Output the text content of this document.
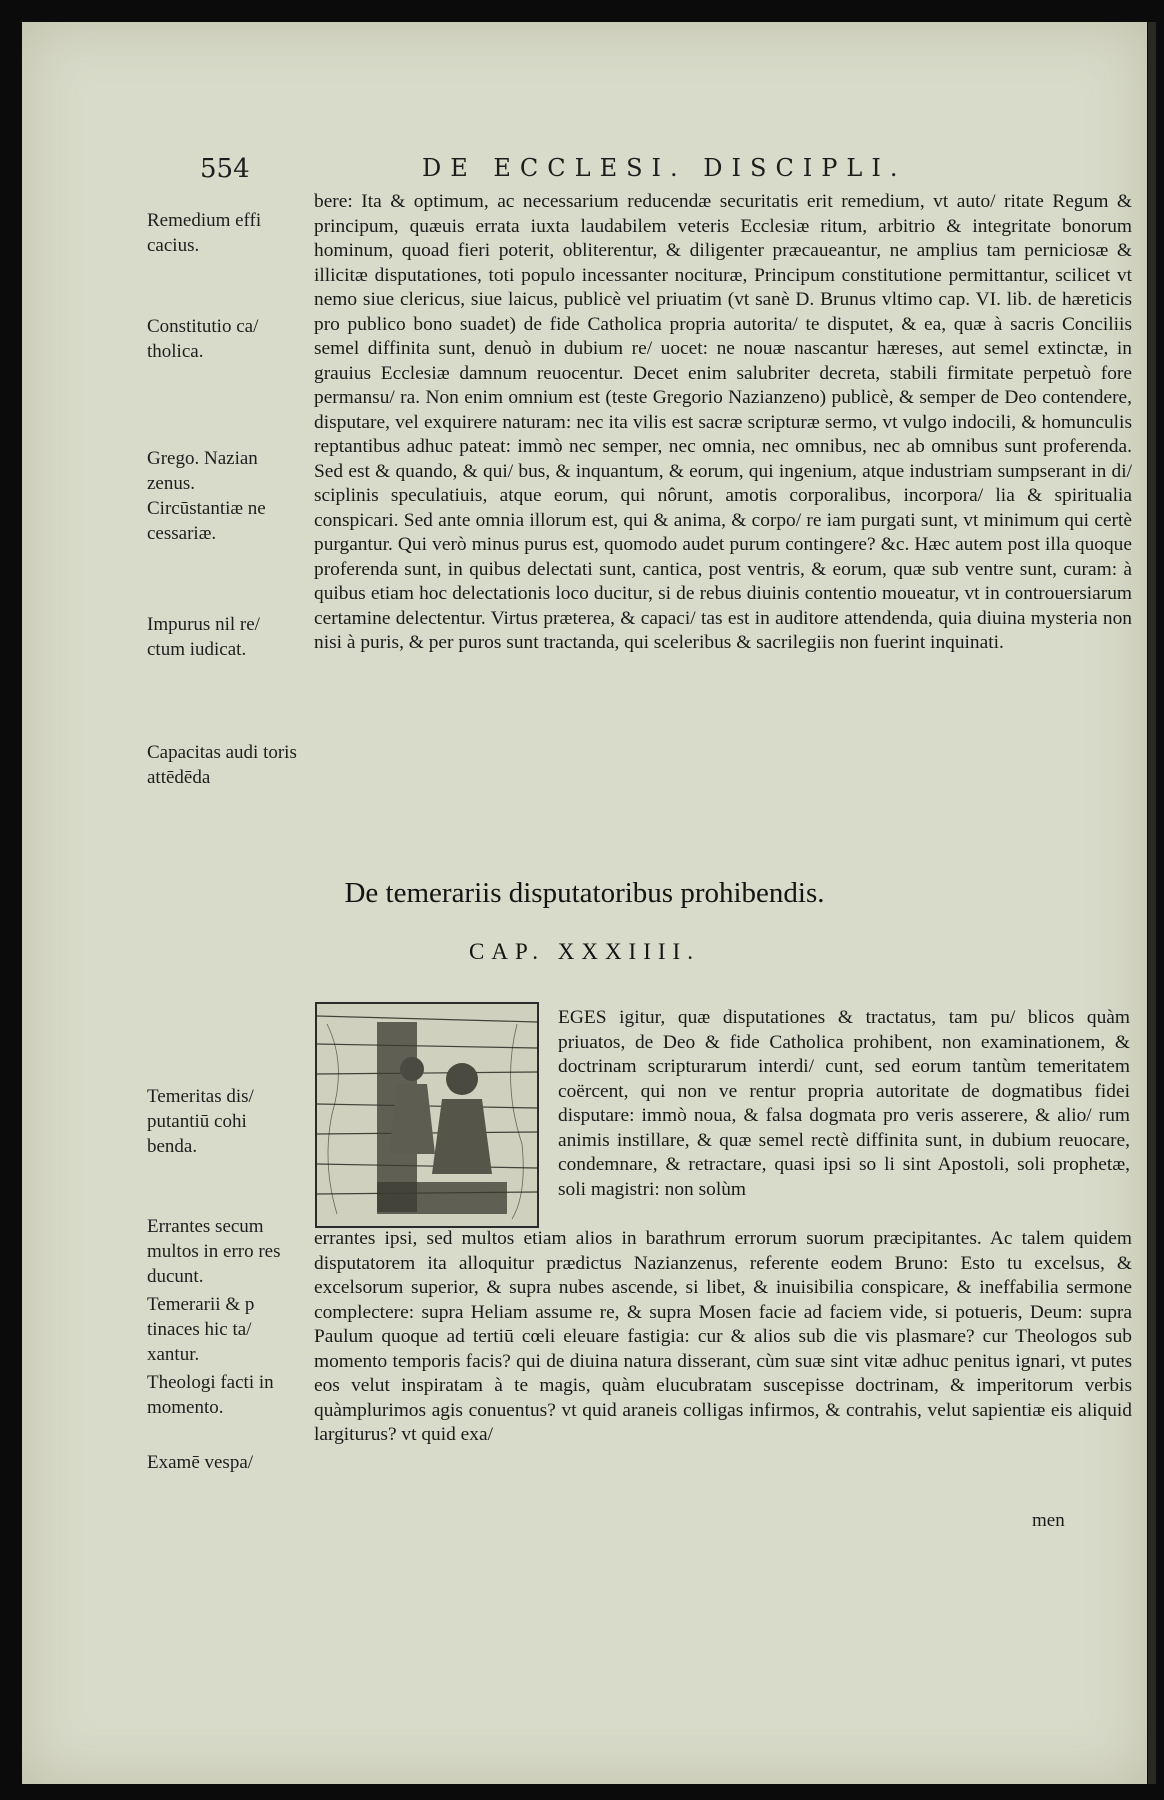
554	DE ECCLESI. DISCIPLI.
Remedium effi cacius.
Constitutio ca/ tholica.
Grego. Nazian zenus.
Circūstantiæ ne cessariæ.
Impurus nil re/ ctum iudicat.
Capacitas audi toris attēdēda
Temeritas dis/ putantiū cohi benda.
Errantes secum multos in erro res ducunt.
Temerarii & p tinaces hic ta/ xantur.
Theologi facti in momento.
Examē vespa/
bere: Ita & optimum, ac necessarium reducendæ securitatis erit remedium, vt auto/ ritate Regum & principum, quæuis errata iuxta laudabilem veteris Ecclesiæ ritum, arbitrio & integritate bonorum hominum, quoad fieri poterit, obliterentur, & diligenter præcaueantur, ne amplius tam perniciosæ & illicitæ disputationes, toti populo incessanter nocituræ, Principum constitutione permittantur, scilicet vt nemo siue clericus, siue laicus, publicè vel priuatim (vt sanè D. Brunus vltimo cap. VI. lib. de hæreticis pro publico bono suadet) de fide Catholica propria autorita/ te disputet, & ea, quæ à sacris Conciliis semel diffinita sunt, denuò in dubium re/ uocet: ne nouæ nascantur hæreses, aut semel extinctæ, in grauius Ecclesiæ damnum reuocentur. Decet enim salubriter decreta, stabili firmitate perpetuò fore permansu/ ra. Non enim omnium est (teste Gregorio Nazianzeno) publicè, & semper de Deo contendere, disputare, vel exquirere naturam: nec ita vilis est sacræ scripturæ sermo, vt vulgo indocili, & homunculis reptantibus adhuc pateat: immò nec semper, nec omnia, nec omnibus, nec ab omnibus sunt proferenda. Sed est & quando, & qui/ bus, & inquantum, & eorum, qui ingenium, atque industriam sumpserant in di/ sciplinis speculatiuis, atque eorum, qui nôrunt, amotis corporalibus, incorpora/ lia & spiritualia conspicari. Sed ante omnia illorum est, qui & anima, & corpo/ re iam purgati sunt, vt minimum qui certè purgantur. Qui verò minus purus est, quomodo audet purum contingere? &c. Hæc autem post illa quoque proferenda sunt, in quibus delectati sunt, cantica, post ventris, & eorum, quæ sub ventre sunt, curam: à quibus etiam hoc delectationis loco ducitur, si de rebus diuinis contentio moueatur, vt in controuersiarum certamine delectentur. Virtus præterea, & capaci/ tas est in auditore attendenda, quia diuina mysteria non nisi à puris, & per puros sunt tractanda, qui sceleribus & sacrilegiis non fuerint inquinati.
De temerariis disputatoribus prohibendis.
CAP. XXXIIII.
EGES igitur, quæ disputationes & tractatus, tam pu/ blicos quàm priuatos, de Deo & fide Catholica prohibent, non examinationem, & doctrinam scripturarum interdi/ cunt, sed eorum tantùm temeritatem coërcent, qui non ve rentur propria autoritate de dogmatibus fidei disputare: immò noua, & falsa dogmata pro veris asserere, & alio/ rum animis instillare, & quæ semel rectè diffinita sunt, in dubium reuocare, condemnare, & retractare, quasi ipsi so li sint Apostoli, soli prophetæ, soli magistri: non solùm
errantes ipsi, sed multos etiam alios in barathrum errorum suorum præcipitantes. Ac talem quidem disputatorem ita alloquitur prædictus Nazianzenus, referente eodem Bruno: Esto tu excelsus, & excelsorum superior, & supra nubes ascende, si libet, & inuisibilia conspicare, & ineffabilia sermone complectere: supra Heliam assume re, & supra Mosen facie ad faciem vide, si potueris, Deum: supra Paulum quoque ad tertiū cœli eleuare fastigia: cur & alios sub die vis plasmare? cur Theologos sub momento temporis facis? qui de diuina natura disserant, cùm suæ sint vitæ adhuc penitus ignari, vt putes eos velut inspiratam à te magis, quàm elucubratam suscepisse doctrinam, & imperitorum verbis quàmplurimos agis conuentus? vt quid araneis colligas infirmos, & contrahis, velut sapientiæ eis aliquid largiturus? vt quid exa/
men
